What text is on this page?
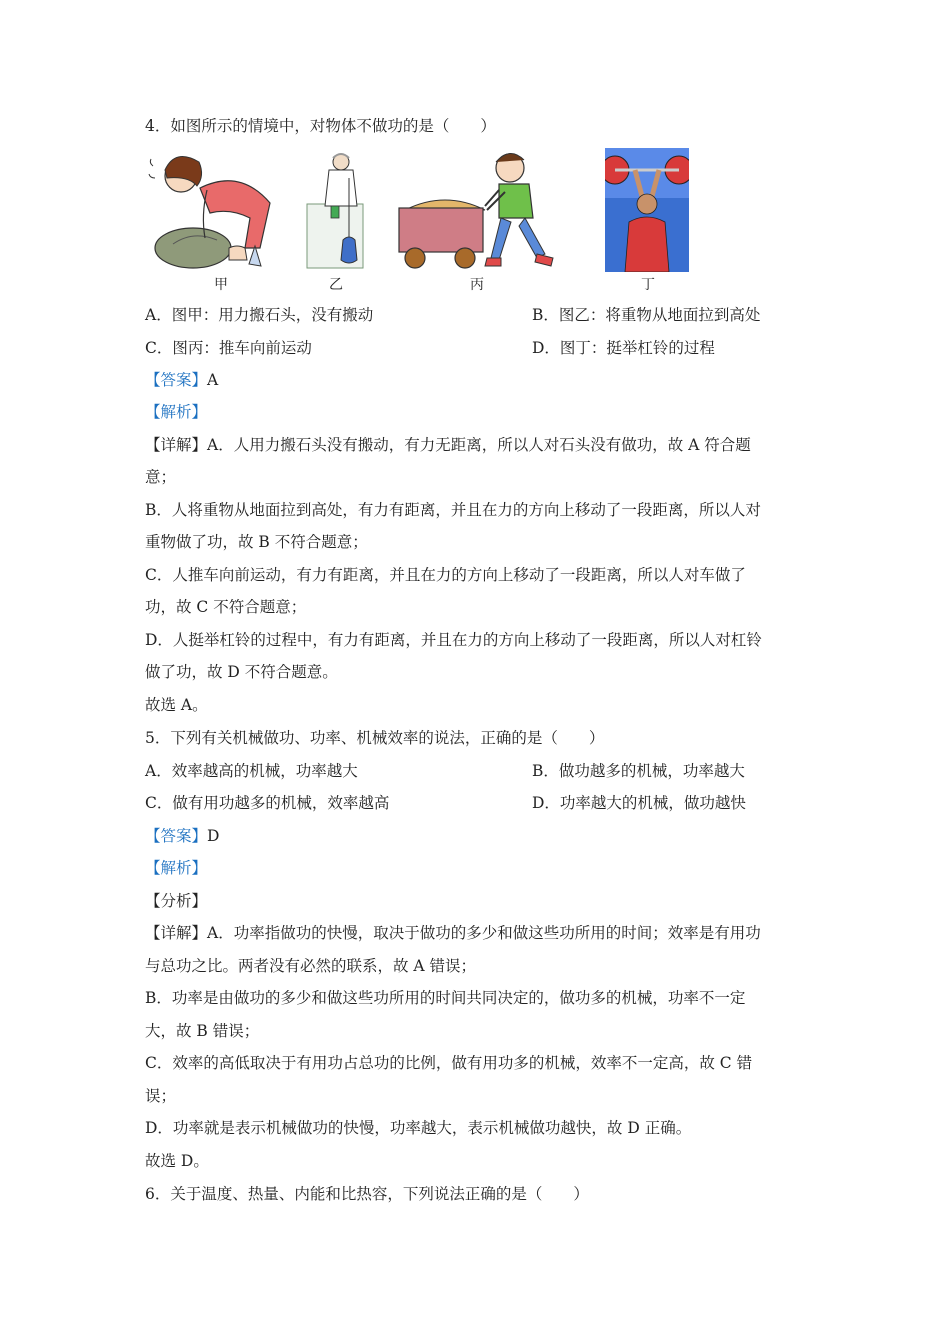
4．如图所示的情境中，对物体不做功的是（　　）
甲	乙	丙	丁
A．图甲：用力搬石头，没有搬动	B．图乙：将重物从地面拉到高处
C．图丙：推车向前运动	D．图丁：挺举杠铃的过程
【答案】A
【解析】
【详解】A．人用力搬石头没有搬动，有力无距离，所以人对石头没有做功，故 A 符合题
意；
B．人将重物从地面拉到高处，有力有距离，并且在力的方向上移动了一段距离，所以人对
重物做了功，故 B 不符合题意；
C．人推车向前运动，有力有距离，并且在力的方向上移动了一段距离，所以人对车做了
功，故 C 不符合题意；
D．人挺举杠铃的过程中，有力有距离，并且在力的方向上移动了一段距离，所以人对杠铃
做了功，故 D 不符合题意。
故选 A。
5．下列有关机械做功、功率、机械效率的说法，正确的是（　　）
A．效率越高的机械，功率越大	B．做功越多的机械，功率越大
C．做有用功越多的机械，效率越高	D．功率越大的机械，做功越快
【答案】D
【解析】
【分析】
【详解】A．功率指做功的快慢，取决于做功的多少和做这些功所用的时间；效率是有用功
与总功之比。两者没有必然的联系，故 A 错误；
B．功率是由做功的多少和做这些功所用的时间共同决定的，做功多的机械，功率不一定
大，故 B 错误；
C．效率的高低取决于有用功占总功的比例，做有用功多的机械，效率不一定高，故 C 错
误；
D．功率就是表示机械做功的快慢，功率越大，表示机械做功越快，故 D 正确。
故选 D。
6．关于温度、热量、内能和比热容，下列说法正确的是（　　）
